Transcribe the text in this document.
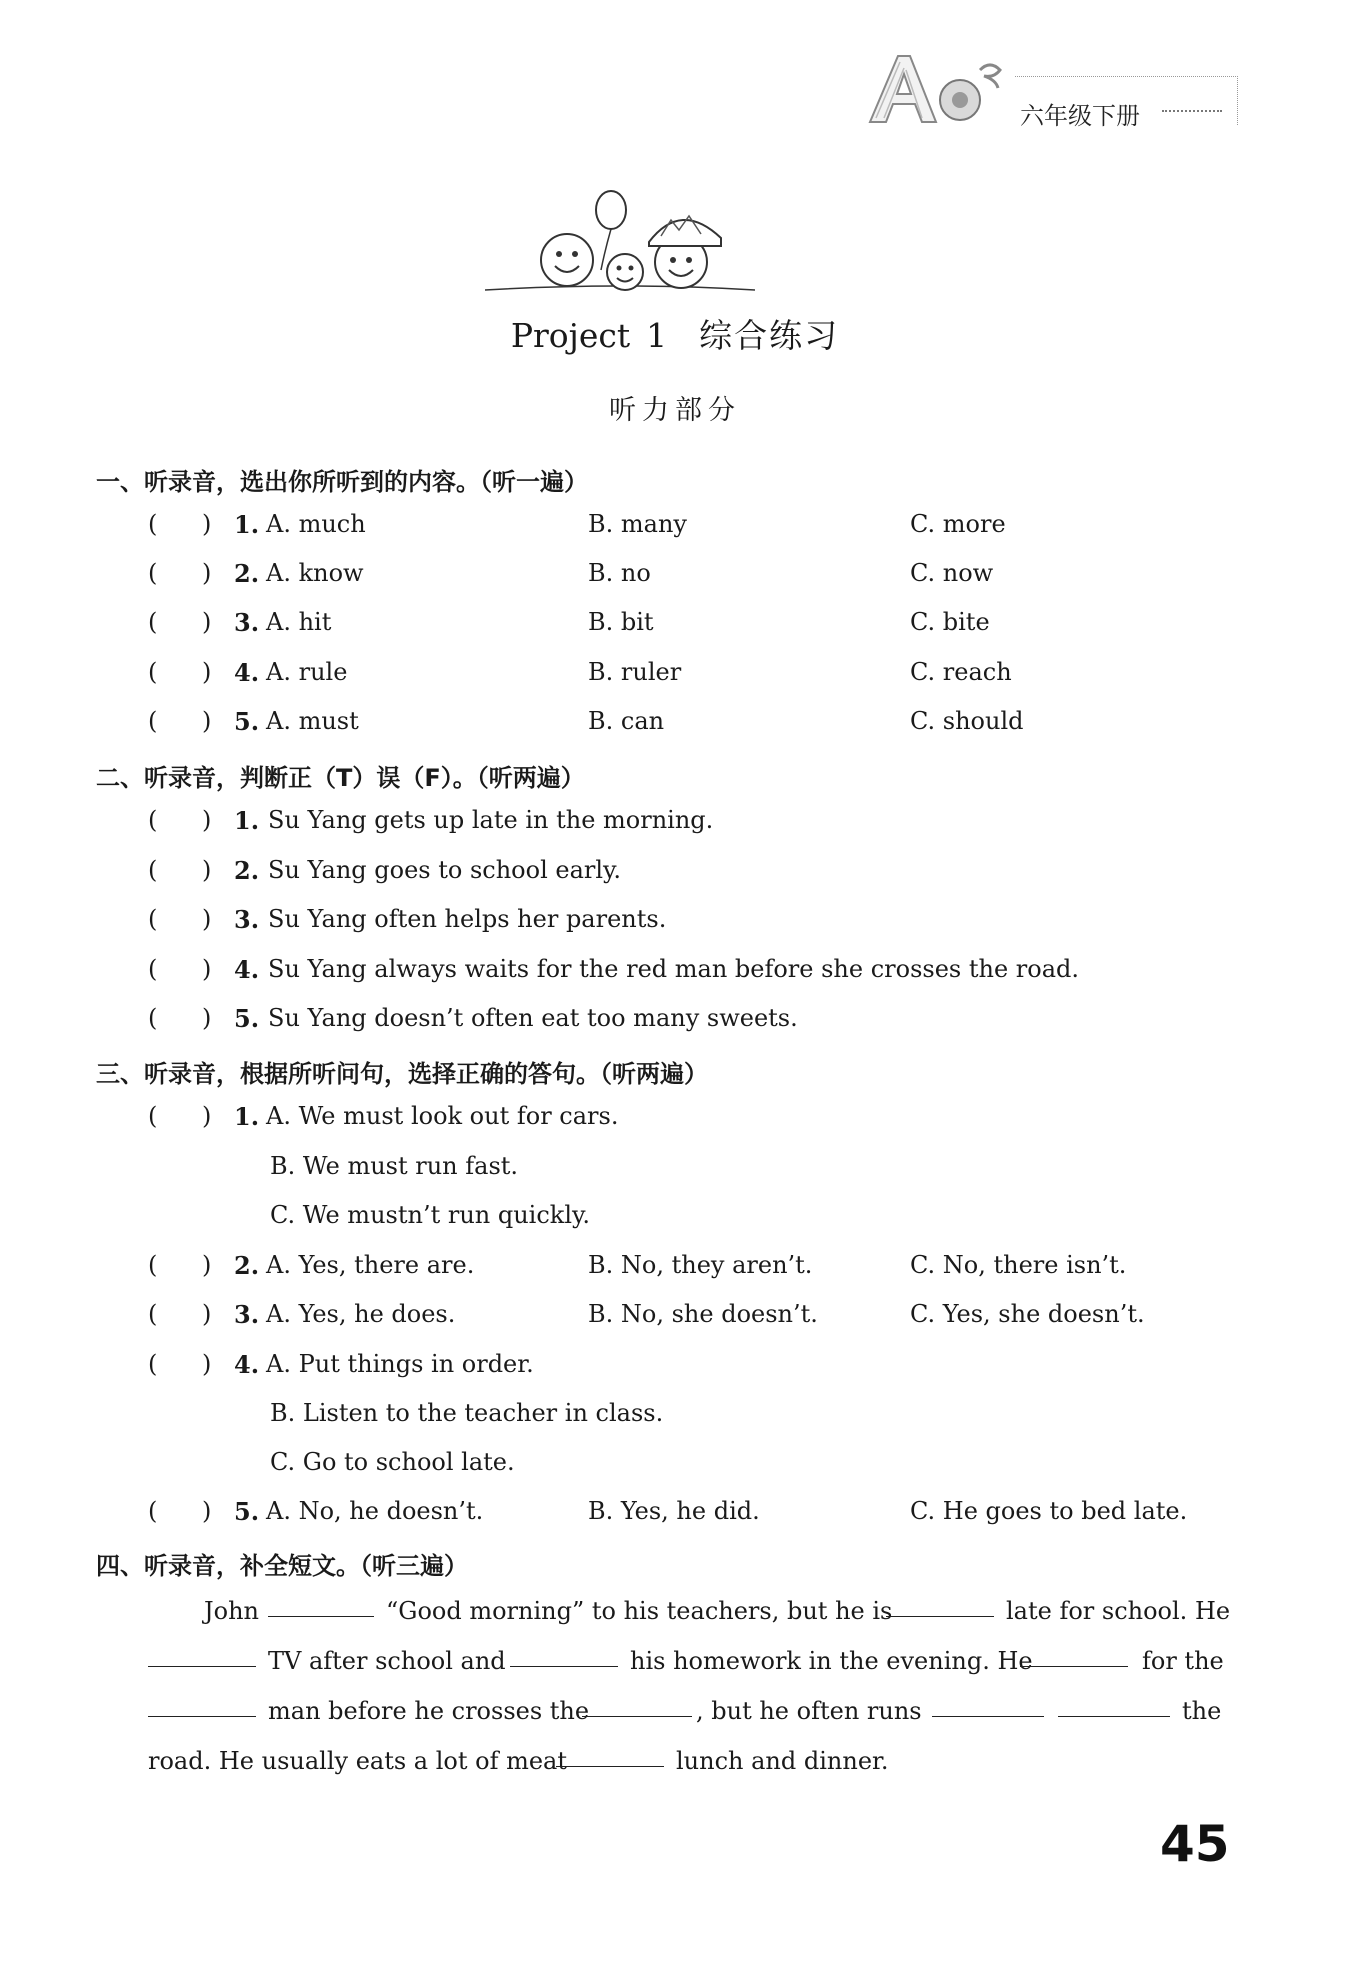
六年级下册
Project 1 综合练习
听力部分
一、听录音，选出你所听到的内容。（听一遍）
( ) 1. A. much	B. many	C. more
( ) 2. A. know	B. no	C. now
( ) 3. A. hit	B. bit	C. bite
( ) 4. A. rule	B. ruler	C. reach
( ) 5. A. must	B. can	C. should
二、听录音，判断正（T）误（F）。（听两遍）
( ) 1. Su Yang gets up late in the morning.
( ) 2. Su Yang goes to school early.
( ) 3. Su Yang often helps her parents.
( ) 4. Su Yang always waits for the red man before she crosses the road.
( ) 5. Su Yang doesn’t often eat too many sweets.
三、听录音，根据所听问句，选择正确的答句。（听两遍）
( ) 1. A. We must look out for cars.
B. We must run fast.
C. We mustn’t run quickly.
( ) 2. A. Yes, there are.	B. No, they aren’t.	C. No, there isn’t.
( ) 3. A. Yes, he does.	B. No, she doesn’t.	C. Yes, she doesn’t.
( ) 4. A. Put things in order.
B. Listen to the teacher in class.
C. Go to school late.
( ) 5. A. No, he doesn’t.	B. Yes, he did.	C. He goes to bed late.
四、听录音，补全短文。（听三遍）
John	“Good morning” to his teachers, but he is	late for school. He
TV after school and	his homework in the evening. He	for the
man before he crosses the	, but he often runs	the
road. He usually eats a lot of meat	lunch and dinner.
45
